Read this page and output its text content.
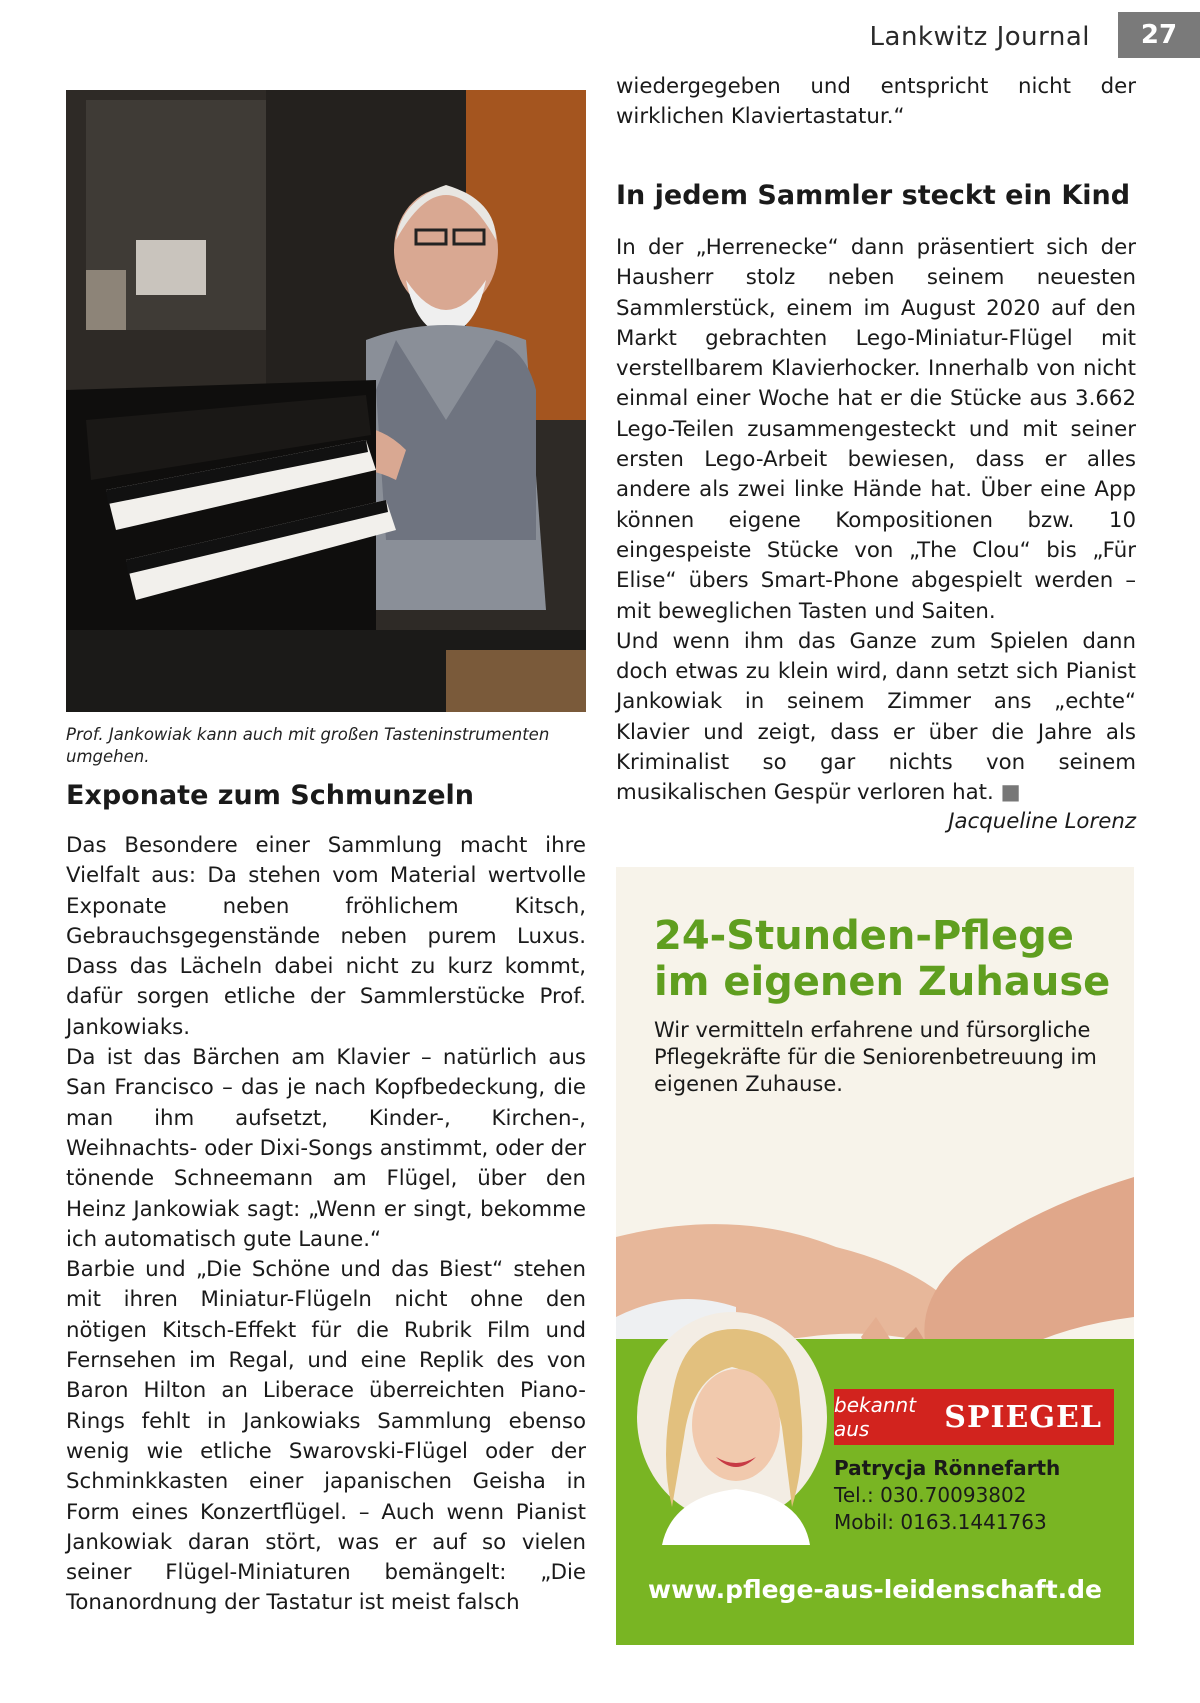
Lankwitz Journal	27

wiedergegeben und entspricht nicht der wirklichen Klaviertastatur.“

Prof. Jankowiak kann auch mit großen Tasteninstrumenten umgehen.
Exponate zum Schmunzeln

Das Besondere einer Sammlung macht ihre Vielfalt aus: Da stehen vom Material wertvolle Exponate neben fröhlichem Kitsch, Gebrauchsgegenstände neben purem Luxus. Dass das Lächeln dabei nicht zu kurz kommt, dafür sorgen etliche der Sammlerstücke Prof. Jankowiaks.

Da ist das Bärchen am Klavier – natürlich aus San Francisco – das je nach Kopfbedeckung, die man ihm aufsetzt, Kinder-, Kirchen-, Weihnachts- oder Dixi-Songs anstimmt, oder der tönende Schneemann am Flügel, über den Heinz Jankowiak sagt: „Wenn er singt, bekomme ich automatisch gute Laune.“

Barbie und „Die Schöne und das Biest“ stehen mit ihren Miniatur-Flügeln nicht ohne den nötigen Kitsch-Effekt für die Rubrik Film und Fernsehen im Regal, und eine Replik des von Baron Hilton an Liberace überreichten Piano-Rings fehlt in Jankowiaks Sammlung ebenso wenig wie etliche Swarovski-Flügel oder der Schminkkasten einer japanischen Geisha in Form eines Konzertflügel. – Auch wenn Pianist Jankowiak daran stört, was er auf so vielen seiner Flügel-Miniaturen bemängelt: „Die Tonanordnung der Tastatur ist meist falsch

In jedem Sammler steckt ein Kind

In der „Herrenecke“ dann präsentiert sich der Hausherr stolz neben seinem neuesten Sammlerstück, einem im August 2020 auf den Markt gebrachten Lego-Miniatur-Flügel mit verstellbarem Klavierhocker. Innerhalb von nicht einmal einer Woche hat er die Stücke aus 3.662 Lego-Teilen zusammengesteckt und mit seiner ersten Lego-Arbeit bewiesen, dass er alles andere als zwei linke Hände hat. Über eine App können eigene Kompositionen bzw. 10 eingespeiste Stücke von „The Clou“ bis „Für Elise“ übers Smart-Phone abgespielt werden – mit beweglichen Tasten und Saiten.

Und wenn ihm das Ganze zum Spielen dann doch etwas zu klein wird, dann setzt sich Pianist Jankowiak in seinem Zimmer ans „echte“ Klavier und zeigt, dass er über die Jahre als Kriminalist so gar nichts von seinem musikalischen Gespür verloren hat. ■

Jacqueline Lorenz
24-Stunden-Pflege
im eigenen Zuhause
Wir vermitteln erfahrene und fürsorgliche Pflegekräfte für die Seniorenbetreuung im eigenen Zuhause.
bekannt aus	SPIEGEL
Patrycja Rönnefarth
Tel.: 030.70093802
Mobil: 0163.1441763
www.pflege-aus-leidenschaft.de
